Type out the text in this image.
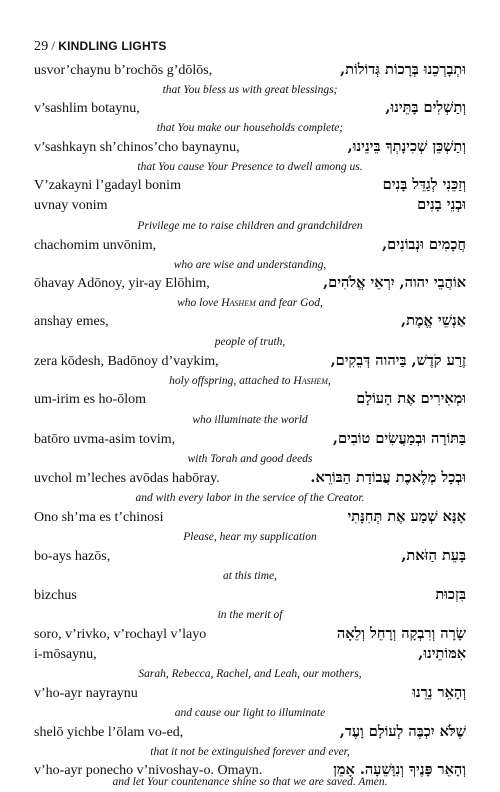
29 / KINDLING LIGHTS
usvor’chaynu b’rochōs g’dōlōs,	וּתְבָרְכֵנוּ בְּרָכוֹת גְּדוֹלוֹת,
that You bless us with great blessings;
v’sashlim botaynu,	וְתַשְׁלִים בָּתֵּינוּ,
that You make our households complete;
v’sashkayn sh’chinos’cho baynaynu,	וְתַשְׁכֵּן שְׁכִינָתְךָ בֵּינֵינוּ,
that You cause Your Presence to dwell among us.
V’zakayni l’gadayl bonim	וְזַכֵּנִי לְגַדֵּל בָּנִים
uvnay vonim	וּבְנֵי בָנִים
Privilege me to raise children and grandchildren
chachomim unvōnim,	חֲכָמִים וּנְבוֹנִים,
who are wise and understanding,
ōhavay Adōnoy, yir-ay Elōhim,	אוֹהֲבֵי יהוה, יִרְאֵי אֱלֹהִים,
who love Hashem and fear God,
anshay emes,	אַנְשֵׁי אֱמֶת,
people of truth,
zera kōdesh, Badōnoy d’vaykim,	זֶרַע קֹדֶשׁ, בַּיהוה דְּבֵקִים,
holy offspring, attached to Hashem,
um-irim es ho-ōlom	וּמְאִירִים אֶת הָעוֹלָם
who illuminate the world
batōro uvma-asim tovim,	בַּתּוֹרָה וּבְמַעֲשִׂים טוֹבִים,
with Torah and good deeds
uvchol m’leches avōdas habōray.	וּבְכָל מְלֶאכֶת עֲבוֹדַת הַבּוֹרֵא.
and with every labor in the service of the Creator.
Ono sh’ma es t’chinosi	אָנָּא שְׁמַע אֶת תְּחִנָּתִי
Please, hear my supplication
bo-ays hazōs,	בָּעֵת הַזֹּאת,
at this time,
bizchus	בִּזְכוּת
in the merit of
soro, v’rivko, v’rochayl v’layo	שָׂרָה וְרִבְקָה וְרָחֵל וְלֵאָה
i-mōsaynu,	אִמּוֹתֵינוּ,
Sarah, Rebecca, Rachel, and Leah, our mothers,
v’ho-ayr nayraynu	וְהָאֵר נֵרֵנוּ
and cause our light to illuminate
shelō yichbe l’ōlam vo-ed,	שֶׁלֹּא יִכְבֶּה לְעוֹלָם וָעֶד,
that it not be extinguished forever and ever,
v’ho-ayr ponecho v’nivoshay-o. Omayn.	וְהָאֵר פָּנֶיךָ וְנִוָּשֵׁעָה. אָמֵן
and let Your countenance shine so that we are saved. Amen.
